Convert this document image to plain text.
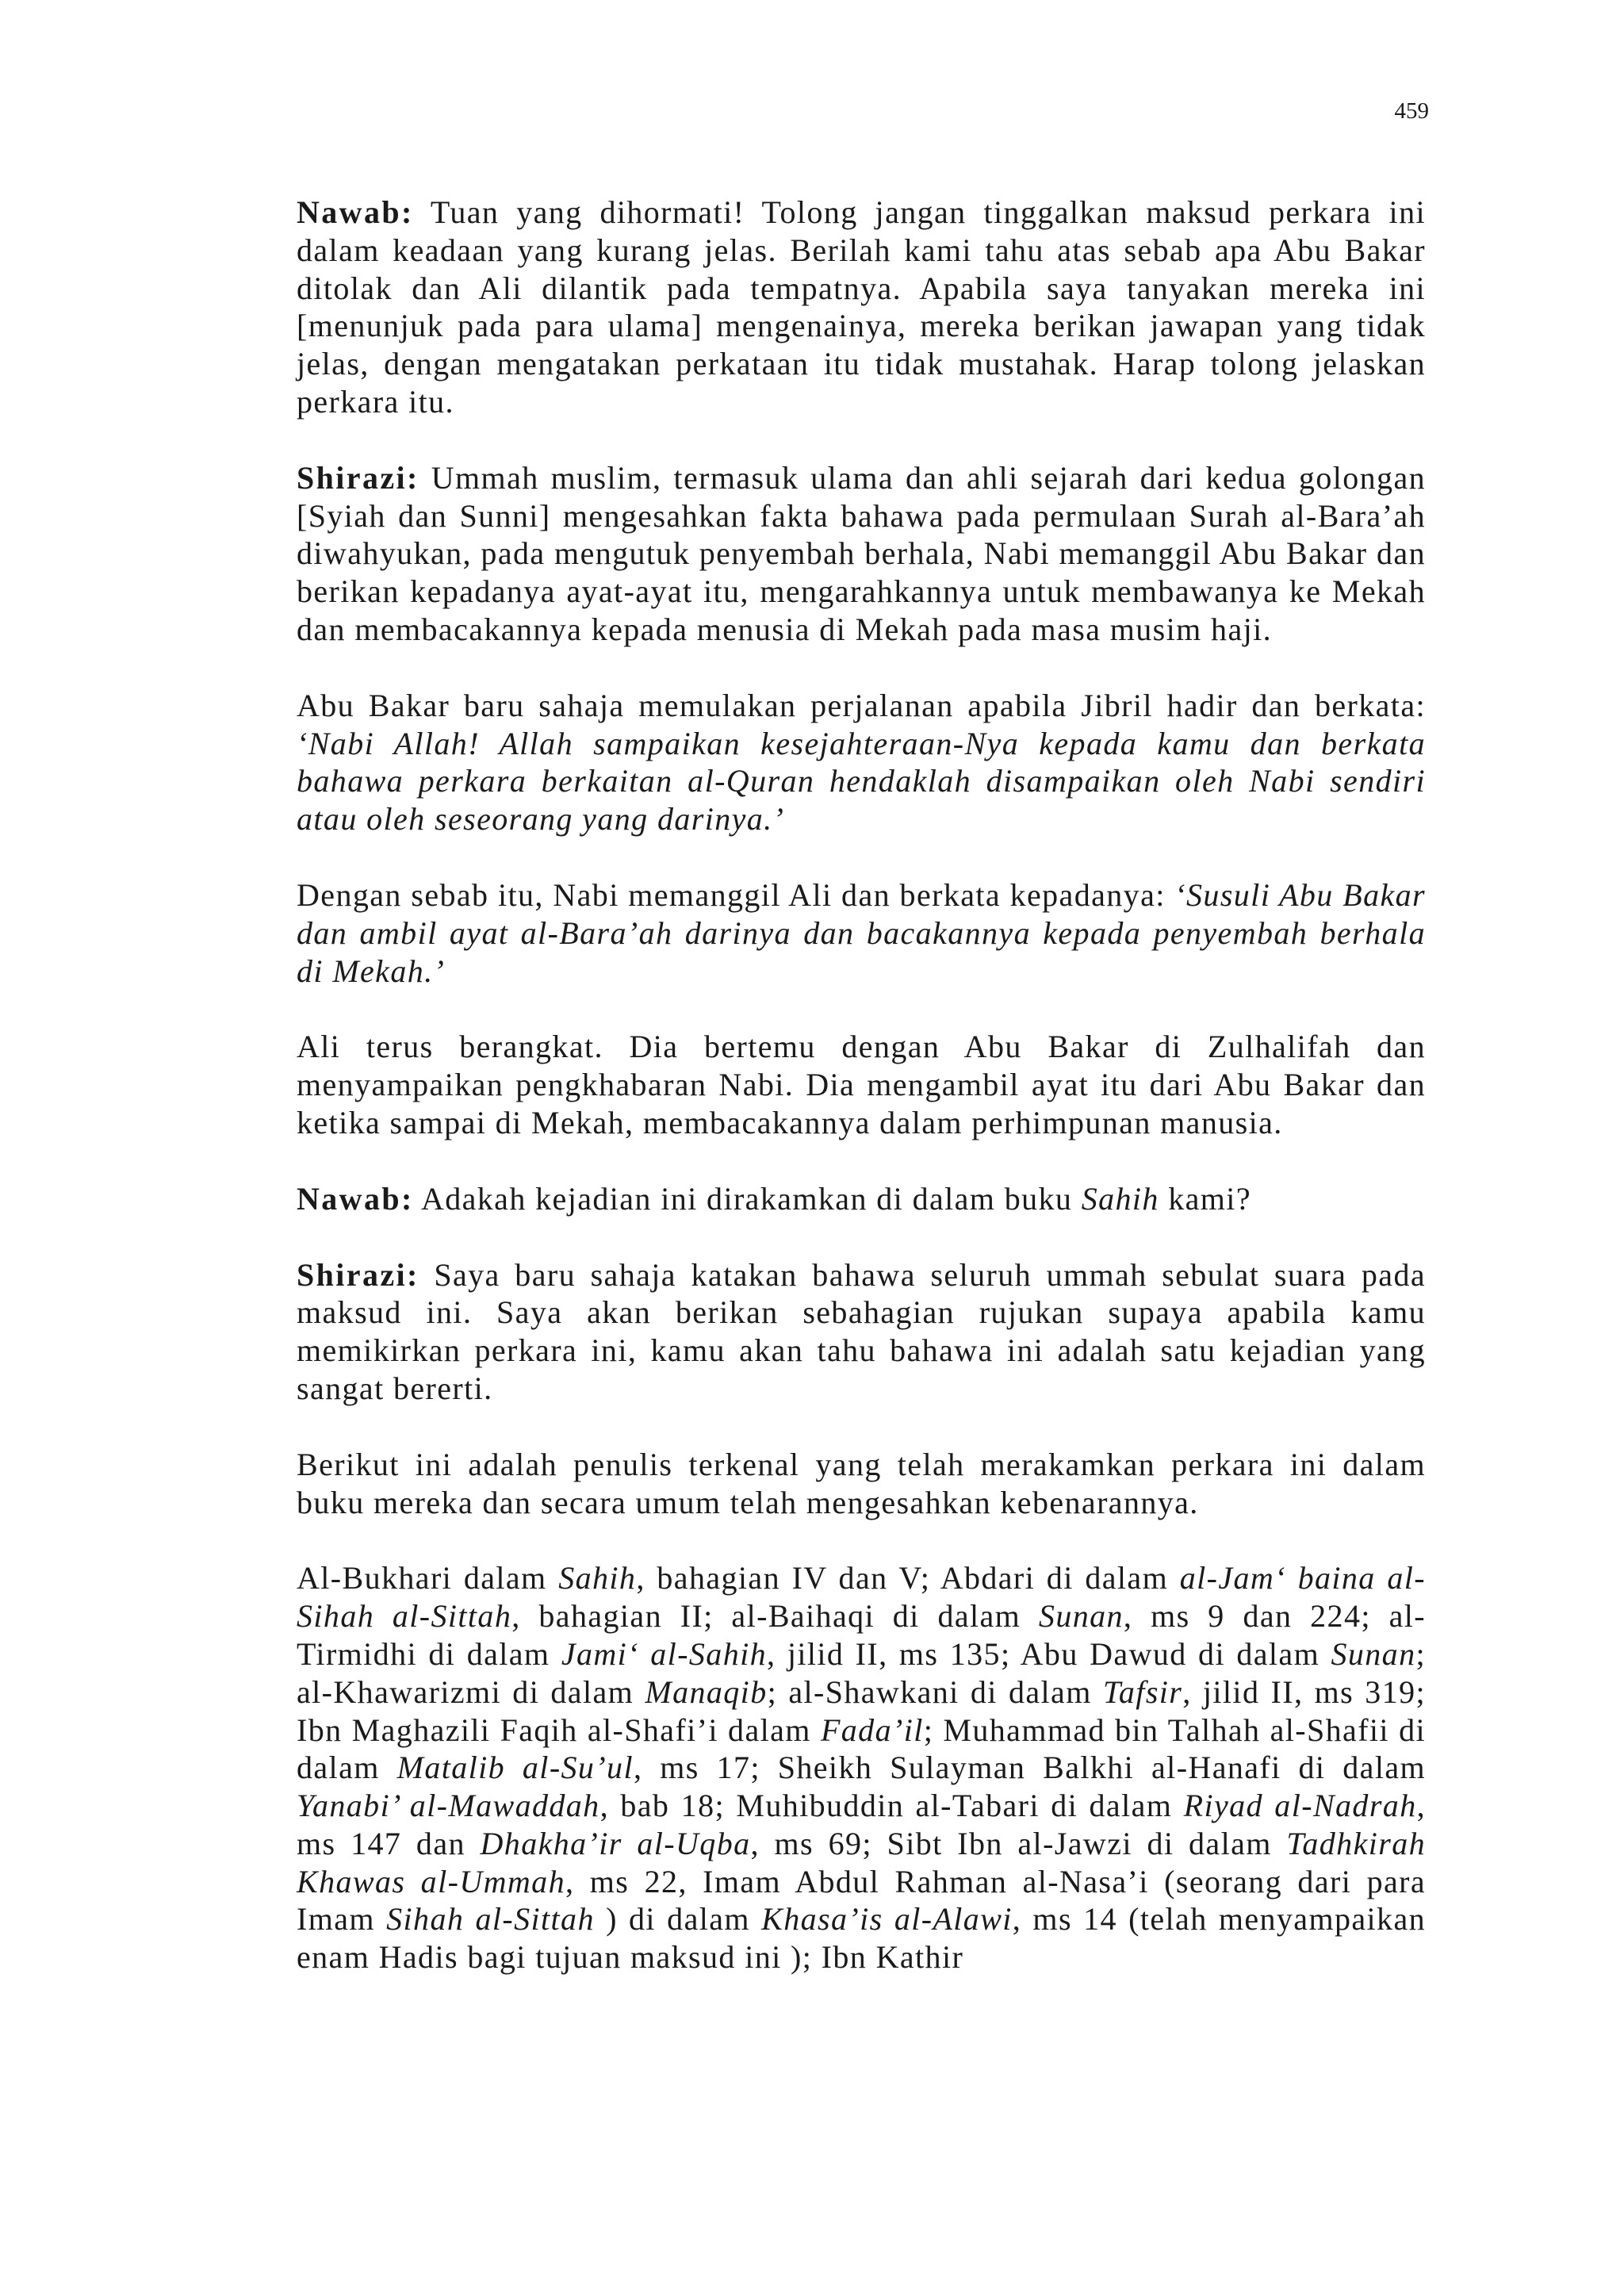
459

Nawab: Tuan yang dihormati! Tolong jangan tinggalkan maksud perkara ini dalam keadaan yang kurang jelas. Berilah kami tahu atas sebab apa Abu Bakar ditolak dan Ali dilantik pada tempatnya. Apabila saya tanyakan mereka ini [menunjuk pada para ulama] mengenainya, mereka berikan jawapan yang tidak jelas, dengan mengatakan perkataan itu tidak mustahak. Harap tolong jelaskan perkara itu.

Shirazi: Ummah muslim, termasuk ulama dan ahli sejarah dari kedua golongan [Syiah dan Sunni] mengesahkan fakta bahawa pada permulaan Surah al-Bara’ah diwahyukan, pada mengutuk penyembah berhala, Nabi memanggil Abu Bakar dan berikan kepadanya ayat-ayat itu, mengarahkannya untuk membawanya ke Mekah dan membacakannya kepada menusia di Mekah pada masa musim haji.

Abu Bakar baru sahaja memulakan perjalanan apabila Jibril hadir dan berkata: ‘Nabi Allah! Allah sampaikan kesejahteraan-Nya kepada kamu dan berkata bahawa perkara berkaitan al-Quran hendaklah disampaikan oleh Nabi sendiri atau oleh seseorang yang darinya.’

Dengan sebab itu, Nabi memanggil Ali dan berkata kepadanya: ‘Susuli Abu Bakar dan ambil ayat al-Bara’ah darinya dan bacakannya kepada penyembah berhala di Mekah.’

Ali terus berangkat. Dia bertemu dengan Abu Bakar di Zulhalifah dan menyampaikan pengkhabaran Nabi. Dia mengambil ayat itu dari Abu Bakar dan ketika sampai di Mekah, membacakannya dalam perhimpunan manusia.

Nawab: Adakah kejadian ini dirakamkan di dalam buku Sahih kami?

Shirazi: Saya baru sahaja katakan bahawa seluruh ummah sebulat suara pada maksud ini. Saya akan berikan sebahagian rujukan supaya apabila kamu memikirkan perkara ini, kamu akan tahu bahawa ini adalah satu kejadian yang sangat bererti.

Berikut ini adalah penulis terkenal yang telah merakamkan perkara ini dalam buku mereka dan secara umum telah mengesahkan kebenarannya.

Al-Bukhari dalam Sahih, bahagian IV dan V; Abdari di dalam al-Jam‘ baina al-Sihah al-Sittah, bahagian II; al-Baihaqi di dalam Sunan, ms 9 dan 224; al-Tirmidhi di dalam Jami‘ al-Sahih, jilid II, ms 135; Abu Dawud di dalam Sunan; al-Khawarizmi di dalam Manaqib; al-Shawkani di dalam Tafsir, jilid II, ms 319; Ibn Maghazili Faqih al-Shafi’i dalam Fada’il; Muhammad bin Talhah al-Shafii di dalam Matalib al-Su’ul, ms 17; Sheikh Sulayman Balkhi al-Hanafi di dalam Yanabi’ al-Mawaddah, bab 18; Muhibuddin al-Tabari di dalam Riyad al-Nadrah, ms 147 dan Dhakha’ir al-Uqba, ms 69; Sibt Ibn al-Jawzi di dalam Tadhkirah Khawas al-Ummah, ms 22, Imam Abdul Rahman al-Nasa’i (seorang dari para Imam Sihah al-Sittah ) di dalam Khasa’is al-Alawi, ms 14 (telah menyampaikan enam Hadis bagi tujuan maksud ini ); Ibn Kathir
